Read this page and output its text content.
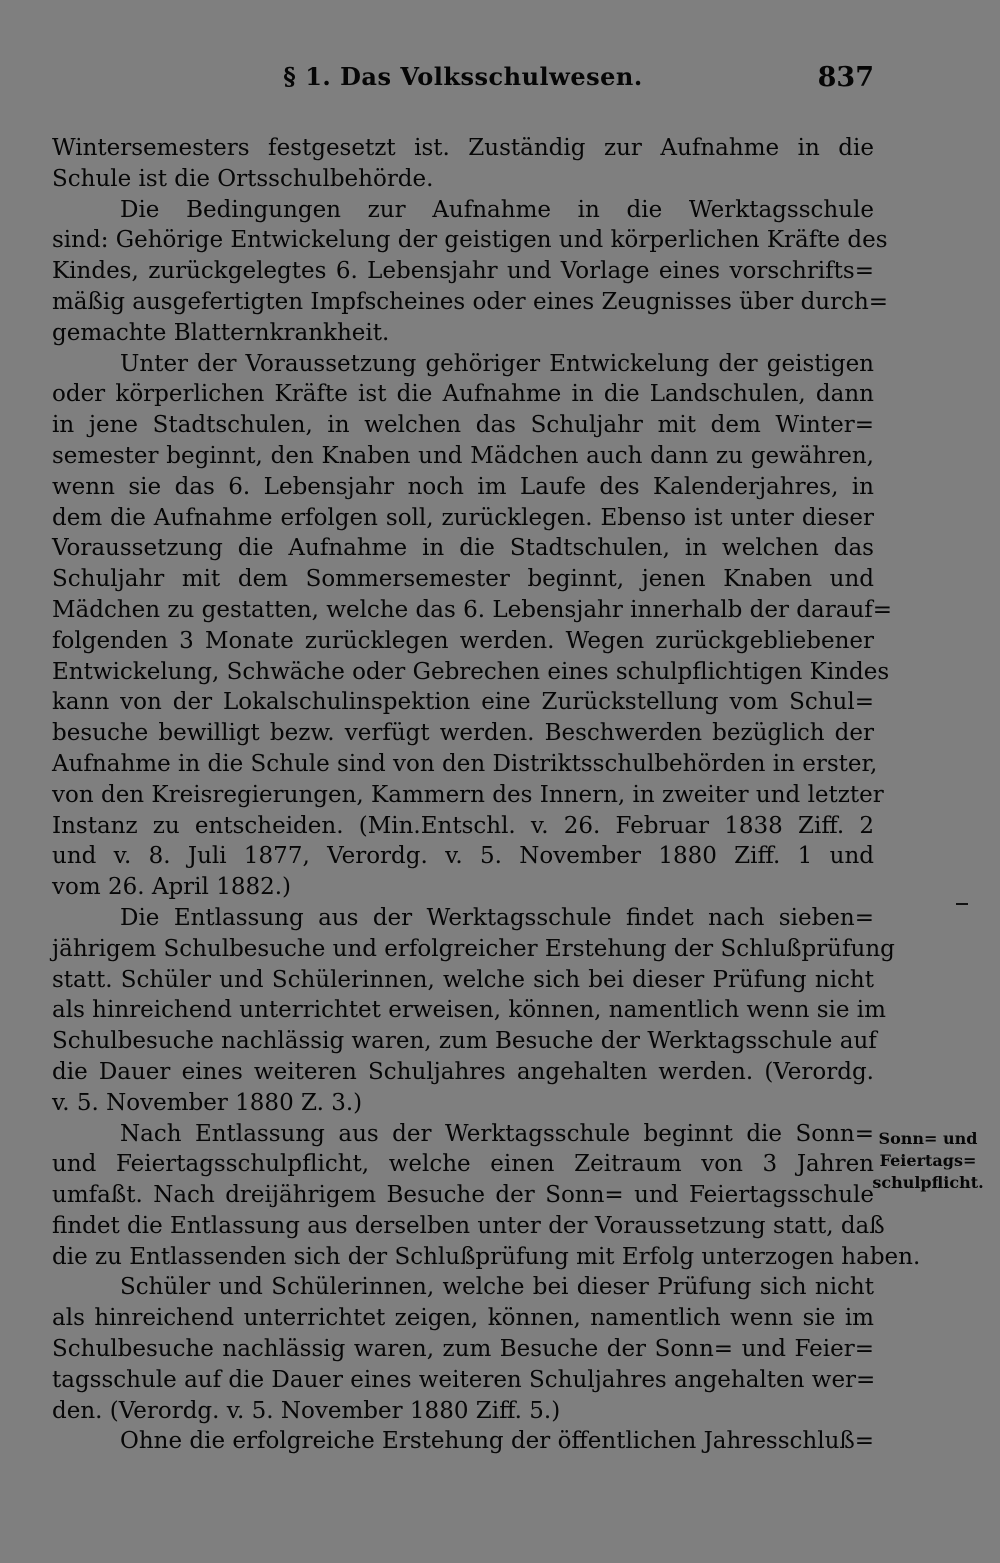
§ 1. Das Volksschulwesen.	837
Wintersemesters festgesetzt ist. Zuständig zur Aufnahme in die
Schule ist die Ortsschulbehörde.
Die Bedingungen zur Aufnahme in die Werktagsschule
sind: Gehörige Entwickelung der geistigen und körperlichen Kräfte des
Kindes, zurückgelegtes 6. Lebensjahr und Vorlage eines vorschrifts=
mäßig ausgefertigten Impfscheines oder eines Zeugnisses über durch=
gemachte Blatternkrankheit.
Unter der Voraussetzung gehöriger Entwickelung der geistigen
oder körperlichen Kräfte ist die Aufnahme in die Landschulen, dann
in jene Stadtschulen, in welchen das Schuljahr mit dem Winter=
semester beginnt, den Knaben und Mädchen auch dann zu gewähren,
wenn sie das 6. Lebensjahr noch im Laufe des Kalenderjahres, in
dem die Aufnahme erfolgen soll, zurücklegen. Ebenso ist unter dieser
Voraussetzung die Aufnahme in die Stadtschulen, in welchen das
Schuljahr mit dem Sommersemester beginnt, jenen Knaben und
Mädchen zu gestatten, welche das 6. Lebensjahr innerhalb der darauf=
folgenden 3 Monate zurücklegen werden. Wegen zurückgebliebener
Entwickelung, Schwäche oder Gebrechen eines schulpflichtigen Kindes
kann von der Lokalschulinspektion eine Zurückstellung vom Schul=
besuche bewilligt bezw. verfügt werden. Beschwerden bezüglich der
Aufnahme in die Schule sind von den Distriktsschulbehörden in erster,
von den Kreisregierungen, Kammern des Innern, in zweiter und letzter
Instanz zu entscheiden. (Min.Entschl. v. 26. Februar 1838 Ziff. 2
und v. 8. Juli 1877, Verordg. v. 5. November 1880 Ziff. 1 und
vom 26. April 1882.)
Die Entlassung aus der Werktagsschule findet nach sieben=
jährigem Schulbesuche und erfolgreicher Erstehung der Schlußprüfung
statt. Schüler und Schülerinnen, welche sich bei dieser Prüfung nicht
als hinreichend unterrichtet erweisen, können, namentlich wenn sie im
Schulbesuche nachlässig waren, zum Besuche der Werktagsschule auf
die Dauer eines weiteren Schuljahres angehalten werden. (Verordg.
v. 5. November 1880 Z. 3.)
Nach Entlassung aus der Werktagsschule beginnt die Sonn=
und Feiertagsschulpflicht, welche einen Zeitraum von 3 Jahren
umfaßt. Nach dreijährigem Besuche der Sonn= und Feiertagsschule
findet die Entlassung aus derselben unter der Voraussetzung statt, daß
die zu Entlassenden sich der Schlußprüfung mit Erfolg unterzogen haben.
Schüler und Schülerinnen, welche bei dieser Prüfung sich nicht
als hinreichend unterrichtet zeigen, können, namentlich wenn sie im
Schulbesuche nachlässig waren, zum Besuche der Sonn= und Feier=
tagsschule auf die Dauer eines weiteren Schuljahres angehalten wer=
den. (Verordg. v. 5. November 1880 Ziff. 5.)
Ohne die erfolgreiche Erstehung der öffentlichen Jahresschluß=
Sonn= und
Feiertags=
schulpflicht.
